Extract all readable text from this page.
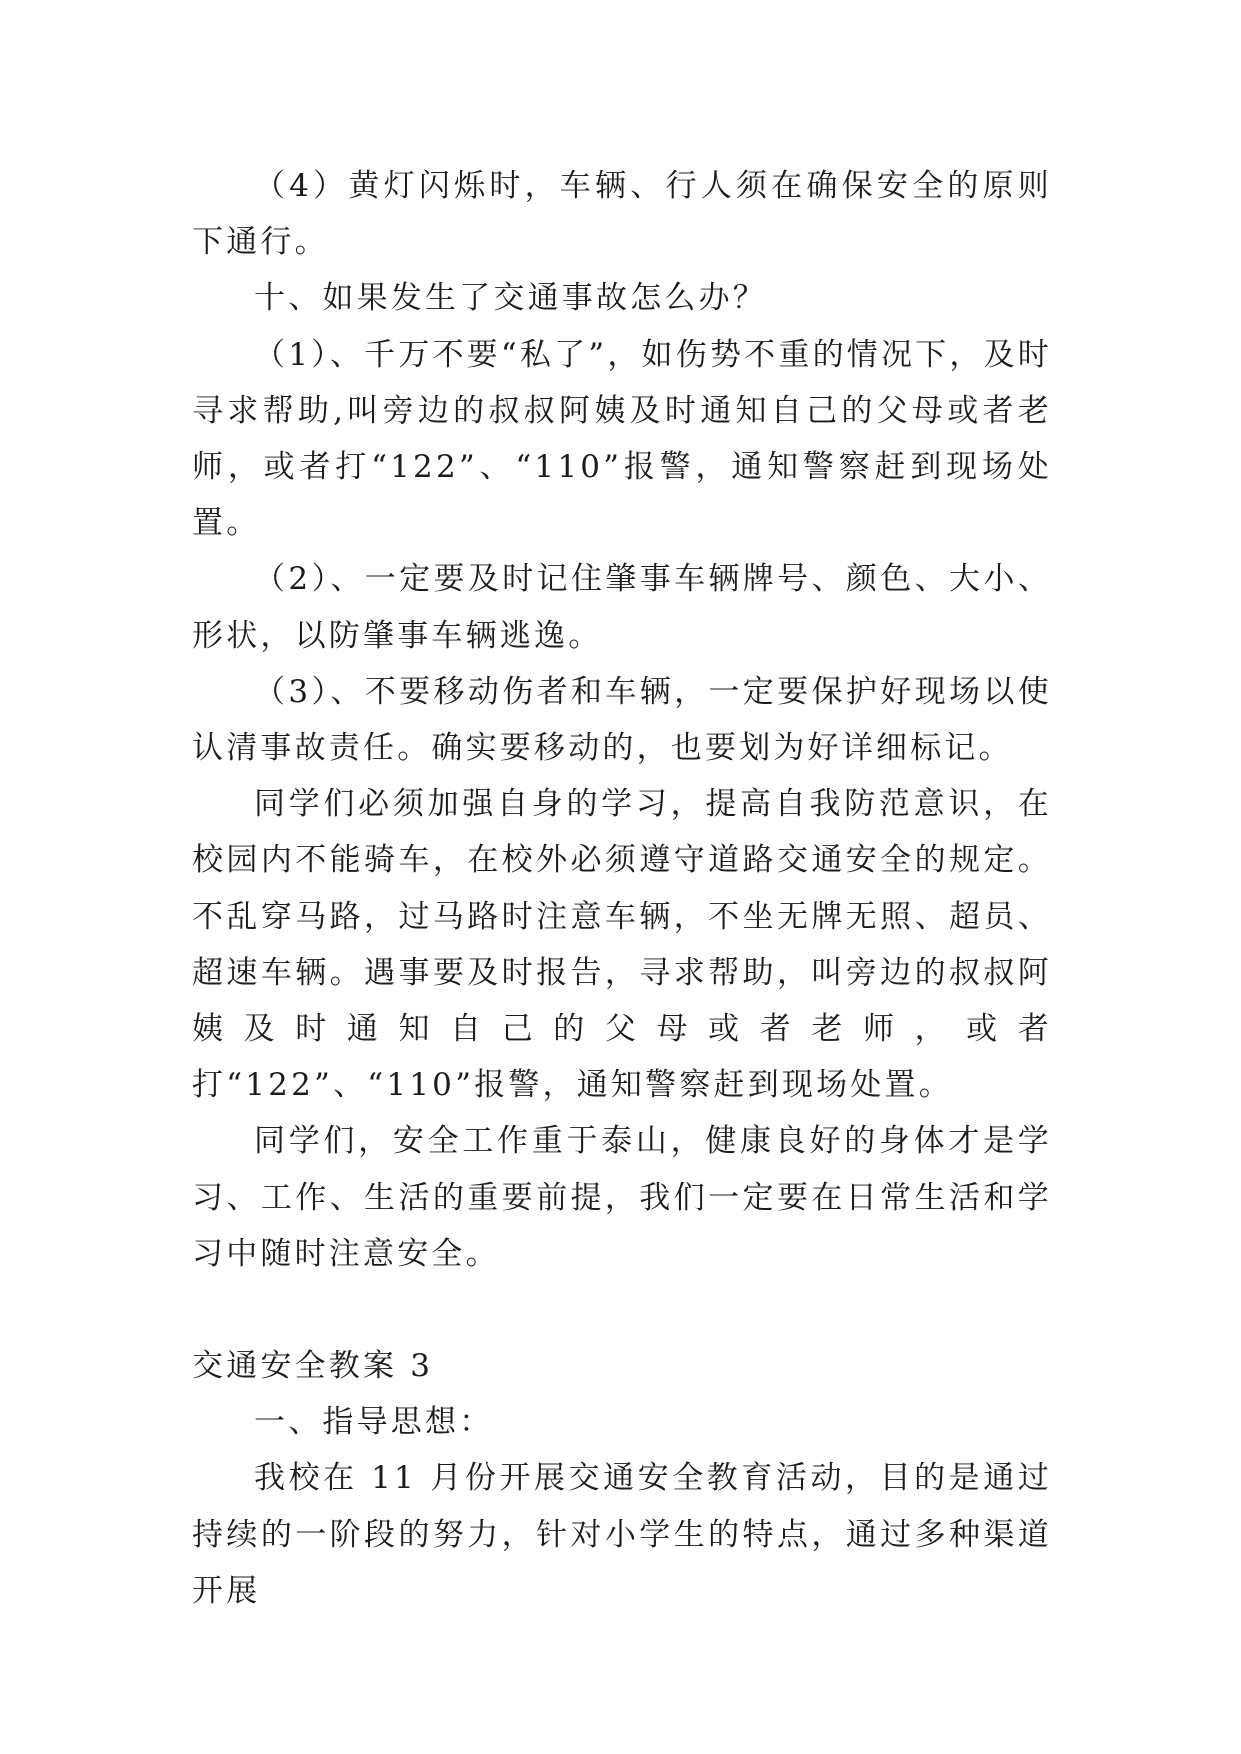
（4）黄灯闪烁时，车辆、行人须在确保安全的原则下通行。

十、如果发生了交通事故怎么办？

（1）、千万不要“私了”，如伤势不重的情况下，及时寻求帮助,叫旁边的叔叔阿姨及时通知自己的父母或者老师，或者打“122”、“110”报警，通知警察赶到现场处置。

（2）、一定要及时记住肇事车辆牌号、颜色、大小、形状，以防肇事车辆逃逸。

（3）、不要移动伤者和车辆，一定要保护好现场以使认清事故责任。确实要移动的，也要划为好详细标记。

同学们必须加强自身的学习，提高自我防范意识，在校园内不能骑车，在校外必须遵守道路交通安全的规定。不乱穿马路，过马路时注意车辆，不坐无牌无照、超员、超速车辆。遇事要及时报告，寻求帮助，叫旁边的叔叔阿姨及时通知自己的父母或者老师，或者打“122”、“110”报警，通知警察赶到现场处置。

同学们，安全工作重于泰山，健康良好的身体才是学习、工作、生活的重要前提，我们一定要在日常生活和学习中随时注意安全。

交通安全教案 3

一、指导思想：

我校在 11 月份开展交通安全教育活动，目的是通过持续的一阶段的努力，针对小学生的特点，通过多种渠道开展
